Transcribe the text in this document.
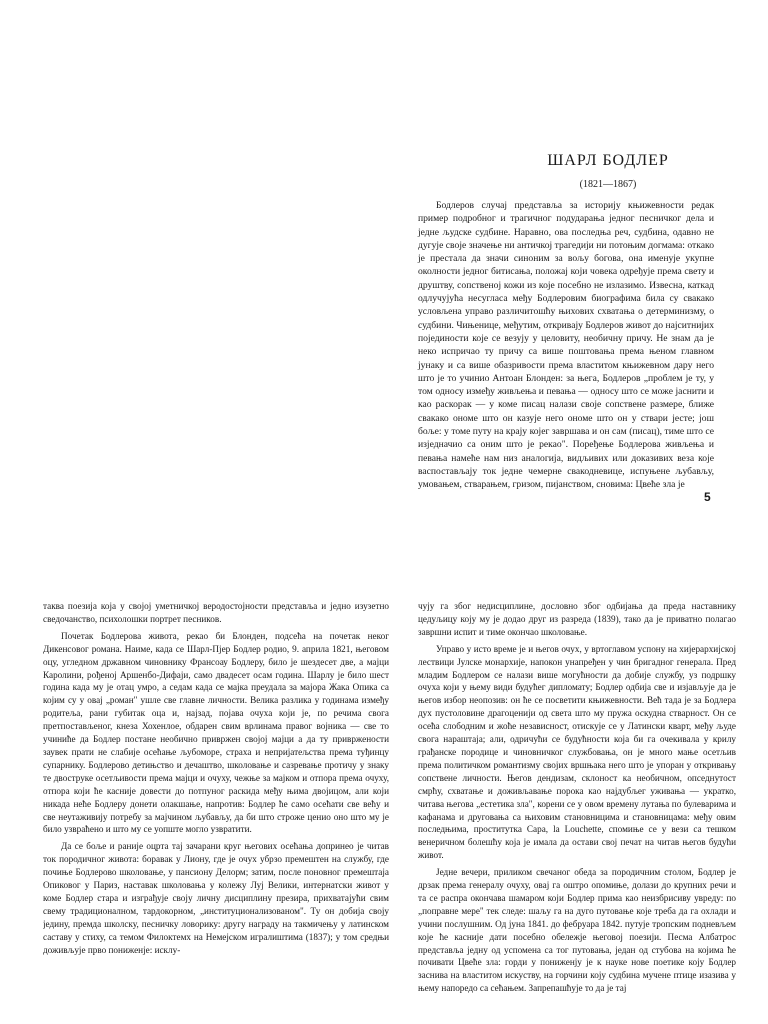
ШАРЛ БОДЛЕР
(1821—1867)

Бодлеров случај представља за историју књижевности редак пример подробног и трагичног подударања једног песничког дела и једне људске судбине. Наравно, ова последња реч, судбина, одавно не дугује своје значење ни античкој трагедији ни потоњим догмама: откако је престала да значи синоним за вољу богова, она именује укупне околности једног битисања, положај који човека одређује према свету и друштву, сопственој кожи из које посебно не излазимо. Извесна, каткад одлучујућа несугласа међу Бодлеровим биографима била су свакако условљена управо различитошћу њихових схватања о детерминизму, о судбини. Чињенице, међутим, откривају Бодлеров живот до најситнијих појединости које се везују у целовиту, необичну причу. Не знам да је неко испричао ту причу са више поштовања према њеном главном јунаку и са више обазривости према властитом књижевном дару него што је то учинио Антоан Блонден: за њега, Бодлеров „проблем је ту, у том односу између живљења и певања — односу што се може јаснити и као раскорак — у коме писац налази своје сопствене размере, ближе свакако ономе што он казује него ономе што он у ствари јесте; још боље: у томе путу на крају којег завршава и он сам (писац), тиме што се изједначио са оним што је рекао". Поређење Бодлерова живљења и певања намеће нам низ аналогија, видљивих или доказивих веза које васпостављају ток једне чемерне свакодневице, испуњене љубављу, умовањем, стварањем, гризом, пијанством, сновима: Цвеће зла је

5

таква поезија која у својој уметничкој веродостојности представља и једно изузетно сведочанство, психолошки портрет песников.

Почетак Бодлерова живота, рекао би Блонден, подсећа на почетак неког Дикенсовог романа. Наиме, када се Шарл-Пјер Бодлер родио, 9. априла 1821, његовом оцу, угледном државном чиновнику Франсоау Бодлеру, било је шездесет две, а мајци Каролини, рођеној Аршенбо-Дифаји, само двадесет осам година. Шарлу је било шест година када му је отац умро, а седам када се мајка преудала за мајора Жака Опика са којим су у овај „роман" ушле све главне личности. Велика разлика у годинама између родитеља, рани губитак оца и, најзад, појава очуха који је, по речима свога претпостављеног, кнеза Хохенлое, обдарен свим врлинама правог војника — све то учиниће да Бодлер постане необично привржен својој мајци а да ту привржености заувек прати не слабије осећање љубоморе, страха и непријатељства према туђинцу супарнику. Бодлерово детињство и дечаштво, школовање и сазревање протичу у знаку те двоструке осетљивости према мајци и очуху, чежње за мајком и отпора према очуху, отпора који ће касније довести до потпуног раскида међу њима двојицом, али који никада неће Бодлеру донети олакшање, напротив: Бодлер ће само осећати све већу и све неутаживију потребу за мајчином љубављу, да би што строже ценио оно што му је било узвраћено и што му се уопште могло узвратити.

Да се боље и раније оцрта тај зачарани круг његових осећања допринео је читав ток породичног живота: боравак у Лиону, где је очух убрзо премештен на службу, где почиње Бодлерово школовање, у пансиону Делорм; затим, после поновног премештаја Опиковог у Париз, наставак школовања у колежу Луј Велики, интернатски живот у коме Бодлер стара и изграђује своју личну дисциплину презира, прихватајући свим свему традиционалном, тардокорном, „институционализованом". Ту он добија своју једину, премда школску, песничку ловорику: другу награду на такмичењу у латинском саставу у стиху, са темом Филоктемх на Немејском игралиштима (1837); у том средњи доживљује прво пониженје: исклу-

чују га због недисциплине, дословно због одбијања да преда наставнику цедуљицу коју му је додао друг из разреда (1839), тако да је приватно полагао завршни испит и тиме окончао школовање.

Управо у исто време је и његов очух, у вртоглавом успону на хијерархијској лествици Јулске монархије, напокон унапређен у чин бригадног генерала. Пред младим Бодлером се налази више могућности да добије службу, уз подршку очуха који у њему види будућег дипломату; Бодлер одбија све и изјављује да је његов избор неопозив: он ће се посветити књижевности. Већ тада је за Бодлера дух пустоловине драгоценији од света што му пружа оскудна стварност. Он се осећа слободним и жоће независност, отискује се у Латински кварт, међу људе свога нараштаја; али, одричући се будућности која би га очекивала у крилу грађанске породице и чиновничког службовања, он је много мање осетљив према политичком романтизму својих вршњака него што је упоран у откривању сопствене личности. Његов дендизам, склоност ка необичном, опседнутост смрћу, схватање и доживљавање порока као најдубљег уживања — укратко, читава његова „естетика зла", корени се у овом времену лутања по булеварима и кафанама и друговања са њиховим становницима и становницама: међу овим последњима, проститутка Сара, la Louchette, спомиње се у вези са тешком венеричном болешћу која је имала да остави свој печат на читав његов будући живот.

Једне вечери, приликом свечаног обеда за породичним столом, Бодлер је дрзак према генералу очуху, овај га оштро опомиње, долази до крупних речи и та се распра окончава шамаром који Бодлер прима као неизбрисиву увреду: по „поправне мере" тек следе: шаљу га на дуго путовање које треба да га охлади и учини послушним. Од јуна 1841. до фебруара 1842. путује тропским подневљем које ће касније дати посебно обележје његовој поезији. Песма Албатрос представља једну од успомена са тог путовања, један од стубова на којима ће почивати Цвеће зла: горди у пониженју је к науке нове поетике коју Бодлер заснива на властитом искуству, на горчини коју судбина мучене птице изазива у њему напоредо са сећањем. Запрепашћује то да је тај
